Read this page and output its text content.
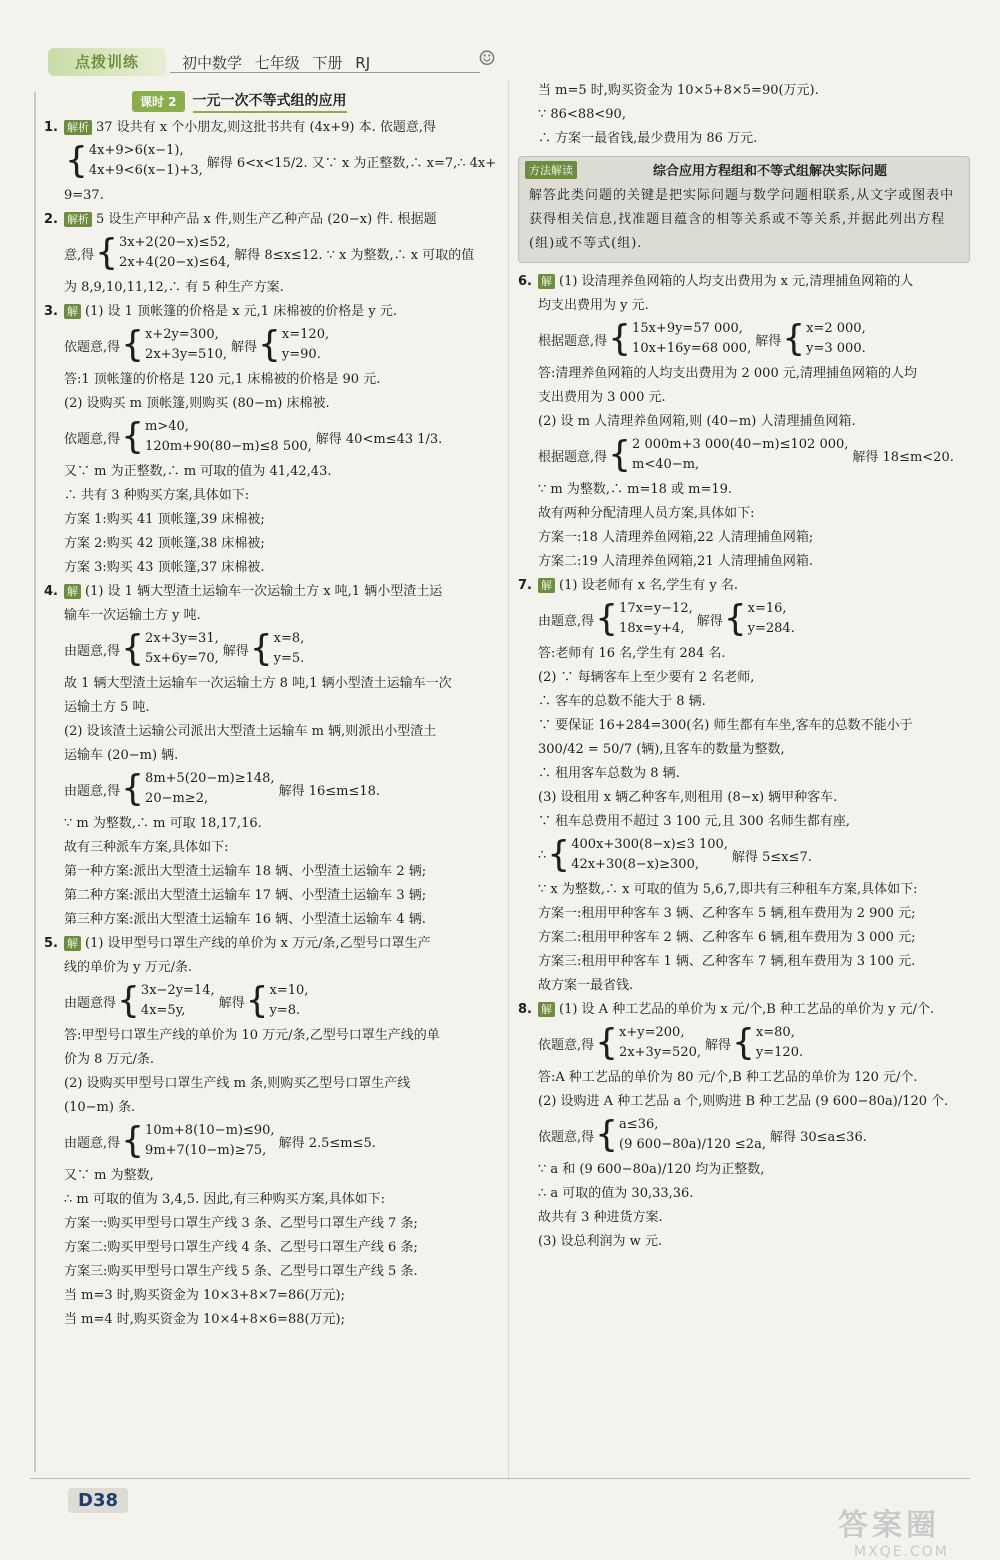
点拨训练	初中数学 七年级 下册 RJ	☺
课时 2	一元一次不等式组的应用
1. 解析 37 设共有 x 个小朋友,则这批书共有 (4x+9) 本. 依题意,得
{ 4x+9>6(x−1),
4x+9<6(x−1)+3, 解得 6<x<15/2. 又∵ x 为正整数,∴ x=7,∴ 4x+
9=37.
2. 解析 5 设生产甲种产品 x 件,则生产乙种产品 (20−x) 件. 根据题
意,得 { 3x+2(20−x)≤52,
2x+4(20−x)≤64, 解得 8≤x≤12. ∵ x 为整数,∴ x 可取的值
为 8,9,10,11,12,∴ 有 5 种生产方案.
3. 解 (1) 设 1 顶帐篷的价格是 x 元,1 床棉被的价格是 y 元.
依题意,得 { x+2y=300,
2x+3y=510, 解得 { x=120,
y=90.
答:1 顶帐篷的价格是 120 元,1 床棉被的价格是 90 元.
(2) 设购买 m 顶帐篷,则购买 (80−m) 床棉被.
依题意,得 { m>40,
120m+90(80−m)≤8 500, 解得 40<m≤43 1/3.
又∵ m 为正整数,∴ m 可取的值为 41,42,43.
∴ 共有 3 种购买方案,具体如下:
方案 1:购买 41 顶帐篷,39 床棉被;
方案 2:购买 42 顶帐篷,38 床棉被;
方案 3:购买 43 顶帐篷,37 床棉被.
4. 解 (1) 设 1 辆大型渣土运输车一次运输土方 x 吨,1 辆小型渣土运
输车一次运输土方 y 吨.
由题意,得 { 2x+3y=31,
5x+6y=70, 解得 { x=8,
y=5.
故 1 辆大型渣土运输车一次运输土方 8 吨,1 辆小型渣土运输车一次
运输土方 5 吨.
(2) 设该渣土运输公司派出大型渣土运输车 m 辆,则派出小型渣土
运输车 (20−m) 辆.
由题意,得 { 8m+5(20−m)≥148,
20−m≥2,	解得 16≤m≤18.
∵ m 为整数,∴ m 可取 18,17,16.
故有三种派车方案,具体如下:
第一种方案:派出大型渣土运输车 18 辆、小型渣土运输车 2 辆;
第二种方案:派出大型渣土运输车 17 辆、小型渣土运输车 3 辆;
第三种方案:派出大型渣土运输车 16 辆、小型渣土运输车 4 辆.
5. 解 (1) 设甲型号口罩生产线的单价为 x 万元/条,乙型号口罩生产
线的单价为 y 万元/条.
由题意得 { 3x−2y=14,
4x=5y,	解得 { x=10,
y=8.
答:甲型号口罩生产线的单价为 10 万元/条,乙型号口罩生产线的单
价为 8 万元/条.
(2) 设购买甲型号口罩生产线 m 条,则购买乙型号口罩生产线
(10−m) 条.
由题意,得 { 10m+8(10−m)≤90,
9m+7(10−m)≥75, 解得 2.5≤m≤5.
又∵ m 为整数,
∴ m 可取的值为 3,4,5. 因此,有三种购买方案,具体如下:
方案一:购买甲型号口罩生产线 3 条、乙型号口罩生产线 7 条;
方案二:购买甲型号口罩生产线 4 条、乙型号口罩生产线 6 条;
方案三:购买甲型号口罩生产线 5 条、乙型号口罩生产线 5 条.
当 m=3 时,购买资金为 10×3+8×7=86(万元);
当 m=4 时,购买资金为 10×4+8×6=88(万元);
当 m=5 时,购买资金为 10×5+8×5=90(万元).
∵ 86<88<90,
∴ 方案一最省钱,最少费用为 86 万元.
方法解读	综合应用方程组和不等式组解决实际问题
解答此类问题的关键是把实际问题与数学问题相联系,从文字或图表中获得相关信息,找准题目蕴含的相等关系或不等关系,并据此列出方程(组)或不等式(组).
6. 解 (1) 设清理养鱼网箱的人均支出费用为 x 元,清理捕鱼网箱的人
均支出费用为 y 元.
根据题意,得 { 15x+9y=57 000,
10x+16y=68 000, 解得 { x=2 000,
y=3 000.
答:清理养鱼网箱的人均支出费用为 2 000 元,清理捕鱼网箱的人均
支出费用为 3 000 元.
(2) 设 m 人清理养鱼网箱,则 (40−m) 人清理捕鱼网箱.
根据题意,得 { 2 000m+3 000(40−m)≤102 000,
m<40−m,	解得 18≤m<20.
∵ m 为整数,∴ m=18 或 m=19.
故有两种分配清理人员方案,具体如下:
方案一:18 人清理养鱼网箱,22 人清理捕鱼网箱;
方案二:19 人清理养鱼网箱,21 人清理捕鱼网箱.
7. 解 (1) 设老师有 x 名,学生有 y 名.
由题意,得 { 17x=y−12,
18x=y+4, 解得 { x=16,
y=284.
答:老师有 16 名,学生有 284 名.
(2) ∵ 每辆客车上至少要有 2 名老师,
∴ 客车的总数不能大于 8 辆.
∵ 要保证 16+284=300(名) 师生都有车坐,客车的总数不能小于
300/42 = 50/7 (辆),且客车的数量为整数,
∴ 租用客车总数为 8 辆.
(3) 设租用 x 辆乙种客车,则租用 (8−x) 辆甲种客车.
∵ 租车总费用不超过 3 100 元,且 300 名师生都有座,
∴ { 400x+300(8−x)≤3 100,
42x+30(8−x)≥300,	解得 5≤x≤7.
∵ x 为整数,∴ x 可取的值为 5,6,7,即共有三种租车方案,具体如下:
方案一:租用甲种客车 3 辆、乙种客车 5 辆,租车费用为 2 900 元;
方案二:租用甲种客车 2 辆、乙种客车 6 辆,租车费用为 3 000 元;
方案三:租用甲种客车 1 辆、乙种客车 7 辆,租车费用为 3 100 元.
故方案一最省钱.
8. 解 (1) 设 A 种工艺品的单价为 x 元/个,B 种工艺品的单价为 y 元/个.
依题意,得 { x+y=200,
2x+3y=520, 解得 { x=80,
y=120.
答:A 种工艺品的单价为 80 元/个,B 种工艺品的单价为 120 元/个.
(2) 设购进 A 种工艺品 a 个,则购进 B 种工艺品 (9 600−80a)/120 个.
依题意,得 { a≤36,
(9 600−80a)/120 ≤2a, 解得 30≤a≤36.
∵ a 和 (9 600−80a)/120 均为正整数,
∴ a 可取的值为 30,33,36.
故共有 3 种进货方案.
(3) 设总利润为 w 元.
D38
答案圈
MXQE.COM
